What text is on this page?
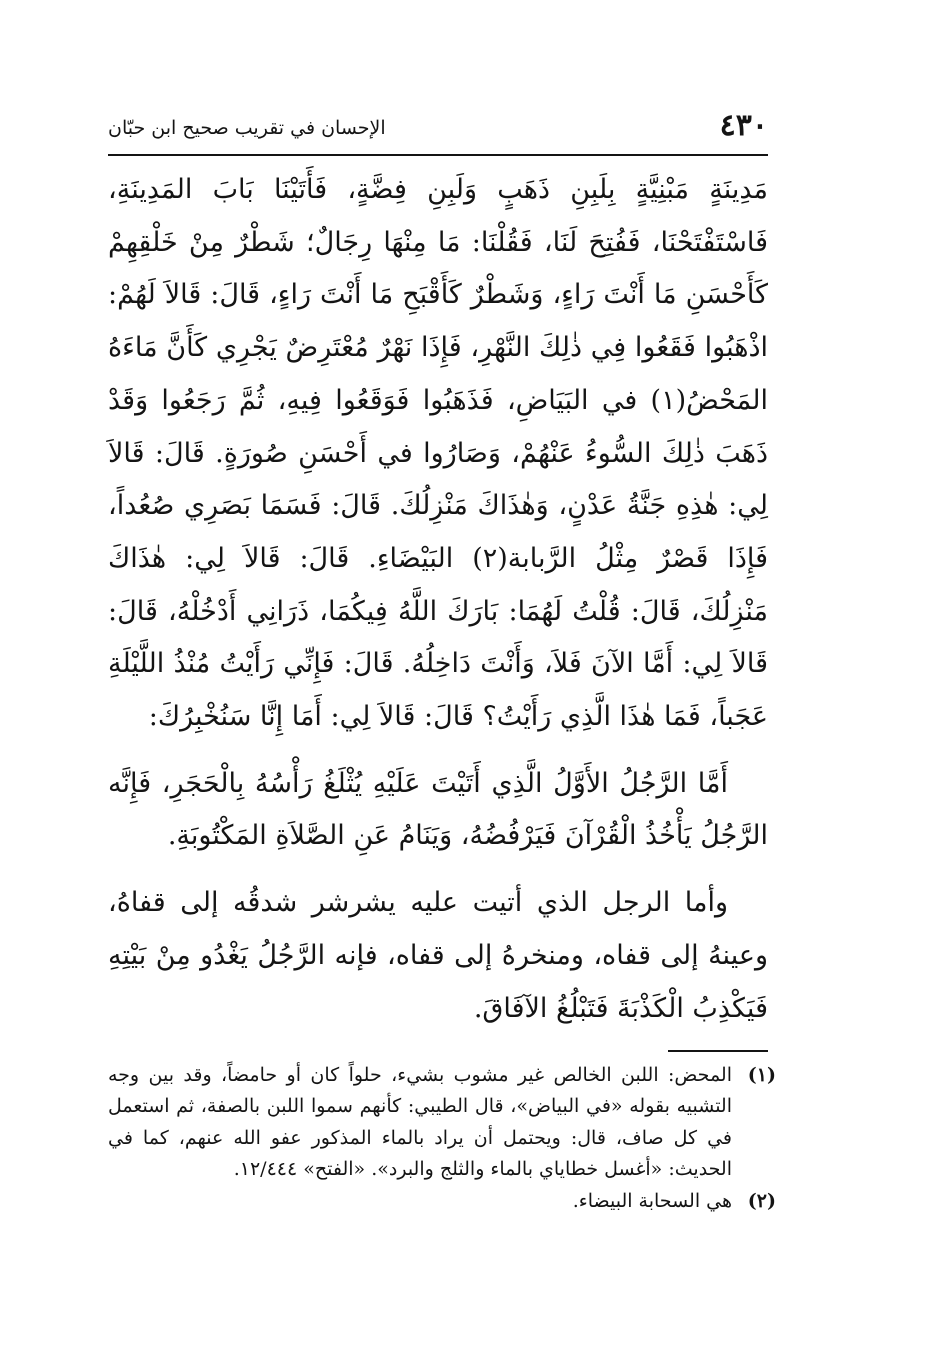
٤٣٠
الإحسان في تقريب صحيح ابن حبّان

مَدِينَةٍ مَبْنِيَّةٍ بِلَبِنِ ذَهَبٍ وَلَبِنِ فِضَّةٍ، فَأَتَيْنَا بَابَ المَدِينَةِ، فَاسْتَفْتَحْنَا، فَفُتِحَ لَنَا، فَقُلْنَا: مَا مِنْهَا رِجَالٌ؛ شَطْرٌ مِنْ خَلْقِهِمْ كَأَحْسَنِ مَا أَنْتَ رَاءٍ، وَشَطْرٌ كَأَقْبَحِ مَا أَنْتَ رَاءٍ، قَالَ: قَالاَ لَهُمْ: اذْهَبُوا فَقَعُوا فِي ذٰلِكَ النَّهْرِ، فَإِذَا نَهْرٌ مُعْتَرِضٌ يَجْرِي كَأَنَّ مَاءَهُ المَحْضُ(١) في البَيَاضِ، فَذَهَبُوا فَوَقَعُوا فِيهِ، ثُمَّ رَجَعُوا وَقَدْ ذَهَبَ ذٰلِكَ السُّوءُ عَنْهُمْ، وَصَارُوا في أَحْسَنِ صُورَةٍ. قَالَ: قَالاَ لِي: هٰذِهِ جَنَّةُ عَدْنٍ، وَهٰذَاكَ مَنْزِلُكَ. قَالَ: فَسَمَا بَصَرِي صُعُداً، فَإِذَا قَصْرٌ مِثْلُ الرَّبابة(٢) البَيْضَاءِ. قَالَ: قَالاَ لِي: هٰذَاكَ مَنْزِلُكَ، قَالَ: قُلْتُ لَهُمَا: بَارَكَ اللَّهُ فِيكُمَا، ذَرَانِي أَدْخُلْهُ، قَالَ: قَالاَ لِي: أَمَّا الآنَ فَلاَ، وَأَنْتَ دَاخِلُهُ. قَالَ: فَإِنِّي رَأَيْتُ مُنْذُ اللَّيْلَةِ عَجَباً، فَمَا هٰذَا الَّذِي رَأَيْتُ؟ قَالَ: قَالاَ لِي: أَمَا إِنَّا سَنُخْبِرُكَ:

أَمَّا الرَّجُلُ الأَوَّلُ الَّذِي أَتَيْتَ عَلَيْهِ يُثْلَغُ رَأْسُهُ بِالْحَجَرِ، فَإِنَّه الرَّجُلُ يَأْخُذُ الْقُرْآنَ فَيَرْفُضُهُ، وَيَنَامُ عَنِ الصَّلاَةِ المَكْتُوبَةِ.

وأما الرجل الذي أتيت عليه يشرشر شدقُه إلى قفاهُ، وعينهُ إلى قفاه، ومنخرهُ إلى قفاه، فإنه الرَّجُلُ يَغْدُو مِنْ بَيْتِهِ فَيَكْذِبُ الْكَذْبَةَ فَتَبْلُغُ الآفَاقَ.

(١)
المحض: اللبن الخالص غير مشوب بشيء، حلواً كان أو حامضاً، وقد بين وجه التشبيه بقوله «في البياض»، قال الطيبي: كأنهم سموا اللبن بالصفة، ثم استعمل في كل صاف، قال: ويحتمل أن يراد بالماء المذكور عفو الله عنهم، كما في الحديث: «أغسل خطاياي بالماء والثلج والبرد». «الفتح» ١٢/٤٤٤.

(٢)
هي السحابة البيضاء.
